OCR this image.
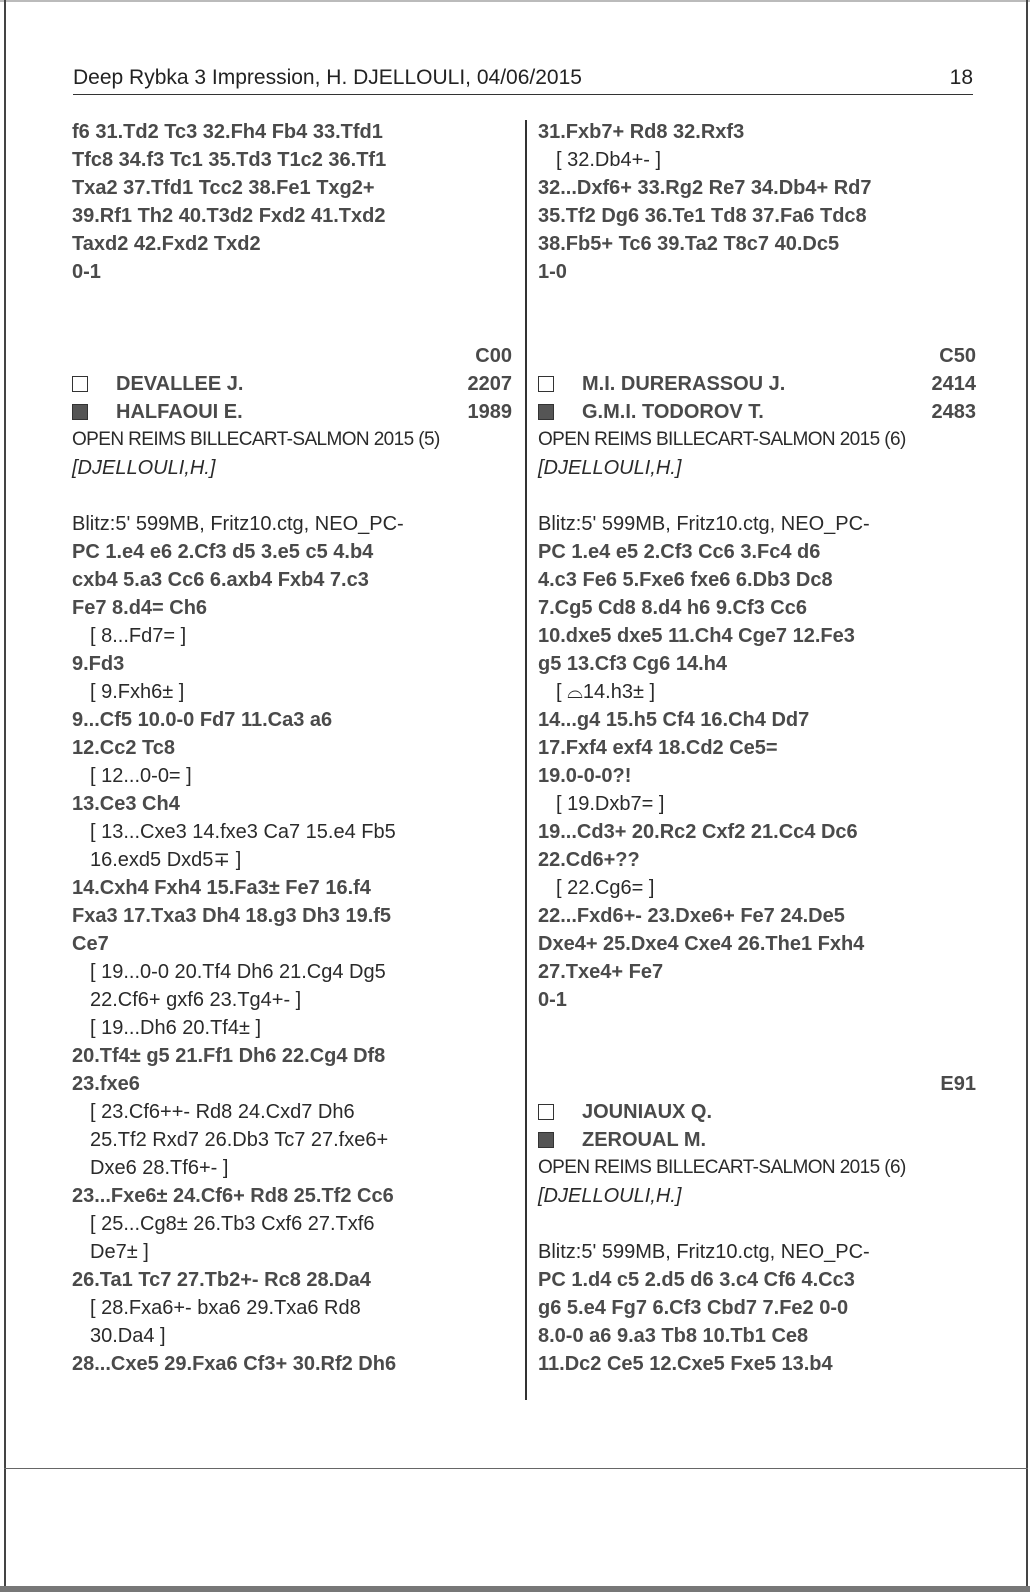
Deep Rybka 3 Impression, H. DJELLOULI, 04/06/2015	18
f6 31.Td2 Tc3 32.Fh4 Fb4 33.Tfd1
Tfc8 34.f3 Tc1 35.Td3 T1c2 36.Tf1
Txa2 37.Tfd1 Tcc2 38.Fe1 Txg2+
39.Rf1 Th2 40.T3d2 Fxd2 41.Txd2
Taxd2 42.Fxd2 Txd2
0-1
C00
DEVALLEE J.	2207
HALFAOUI E.	1989
OPEN REIMS BILLECART-SALMON 2015 (5)
[DJELLOULI,H.]
Blitz:5' 599MB, Fritz10.ctg, NEO_PC-
PC 1.e4 e6 2.Cf3 d5 3.e5 c5 4.b4
cxb4 5.a3 Cc6 6.axb4 Fxb4 7.c3
Fe7 8.d4= Ch6
[ 8...Fd7= ]
9.Fd3
[ 9.Fxh6± ]
9...Cf5 10.0-0 Fd7 11.Ca3 a6
12.Cc2 Tc8
[ 12...0-0= ]
13.Ce3 Ch4
[ 13...Cxe3 14.fxe3 Ca7 15.e4 Fb5
16.exd5 Dxd5∓ ]
14.Cxh4 Fxh4 15.Fa3± Fe7 16.f4
Fxa3 17.Txa3 Dh4 18.g3 Dh3 19.f5
Ce7
[ 19...0-0 20.Tf4 Dh6 21.Cg4 Dg5
22.Cf6+ gxf6 23.Tg4+- ]
[ 19...Dh6 20.Tf4± ]
20.Tf4± g5 21.Ff1 Dh6 22.Cg4 Df8
23.fxe6
[ 23.Cf6++- Rd8 24.Cxd7 Dh6
25.Tf2 Rxd7 26.Db3 Tc7 27.fxe6+
Dxe6 28.Tf6+- ]
23...Fxe6± 24.Cf6+ Rd8 25.Tf2 Cc6
[ 25...Cg8± 26.Tb3 Cxf6 27.Txf6
De7± ]
26.Ta1 Tc7 27.Tb2+- Rc8 28.Da4
[ 28.Fxa6+- bxa6 29.Txa6 Rd8
30.Da4 ]
28...Cxe5 29.Fxa6 Cf3+ 30.Rf2 Dh6
31.Fxb7+ Rd8 32.Rxf3
[ 32.Db4+- ]
32...Dxf6+ 33.Rg2 Re7 34.Db4+ Rd7
35.Tf2 Dg6 36.Te1 Td8 37.Fa6 Tdc8
38.Fb5+ Tc6 39.Ta2 T8c7 40.Dc5
1-0
C50
M.I. DURERASSOU J.	2414
G.M.I. TODOROV T.	2483
OPEN REIMS BILLECART-SALMON 2015 (6)
[DJELLOULI,H.]
Blitz:5' 599MB, Fritz10.ctg, NEO_PC-
PC 1.e4 e5 2.Cf3 Cc6 3.Fc4 d6
4.c3 Fe6 5.Fxe6 fxe6 6.Db3 Dc8
7.Cg5 Cd8 8.d4 h6 9.Cf3 Cc6
10.dxe5 dxe5 11.Ch4 Cge7 12.Fe3
g5 13.Cf3 Cg6 14.h4
[ ⌓14.h3± ]
14...g4 15.h5 Cf4 16.Ch4 Dd7
17.Fxf4 exf4 18.Cd2 Ce5=
19.0-0-0?!
[ 19.Dxb7= ]
19...Cd3+ 20.Rc2 Cxf2 21.Cc4 Dc6
22.Cd6+??
[ 22.Cg6= ]
22...Fxd6+- 23.Dxe6+ Fe7 24.De5
Dxe4+ 25.Dxe4 Cxe4 26.The1 Fxh4
27.Txe4+ Fe7
0-1
E91
JOUNIAUX Q.
ZEROUAL M.
OPEN REIMS BILLECART-SALMON 2015 (6)
[DJELLOULI,H.]
Blitz:5' 599MB, Fritz10.ctg, NEO_PC-
PC 1.d4 c5 2.d5 d6 3.c4 Cf6 4.Cc3
g6 5.e4 Fg7 6.Cf3 Cbd7 7.Fe2 0-0
8.0-0 a6 9.a3 Tb8 10.Tb1 Ce8
11.Dc2 Ce5 12.Cxe5 Fxe5 13.b4
